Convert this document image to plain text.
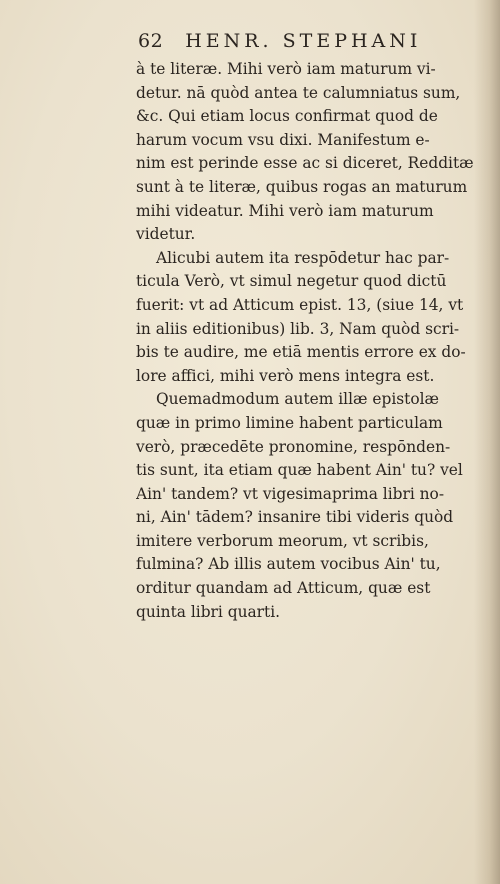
62 HENR. STEPHANI
à te literæ. Mihi verò iam maturum vi-
detur. nā quòd antea te calumniatus sum,
&c. Qui etiam locus confirmat quod de
harum vocum vsu dixi. Manifestum e-
nim est perinde esse ac si diceret, Redditæ
sunt à te literæ, quibus rogas an maturum
mihi videatur. Mihi verò iam maturum
videtur.
Alicubi autem ita respōdetur hac par-
ticula Verò, vt simul negetur quod dictū
fuerit: vt ad Atticum epist. 13, (siue 14, vt
in aliis editionibus) lib. 3, Nam quòd scri-
bis te audire, me etiā mentis errore ex do-
lore affici, mihi verò mens integra est.
Quemadmodum autem illæ epistolæ
quæ in primo limine habent particulam
verò, præcedēte pronomine, respōnden-
tis sunt, ita etiam quæ habent Ain' tu? vel
Ain' tandem? vt vigesimaprima libri no-
ni, Ain' tādem? insanire tibi videris quòd
imitere verborum meorum, vt scribis,
fulmina? Ab illis autem vocibus Ain' tu,
orditur quandam ad Atticum, quæ est
quinta libri quarti.
